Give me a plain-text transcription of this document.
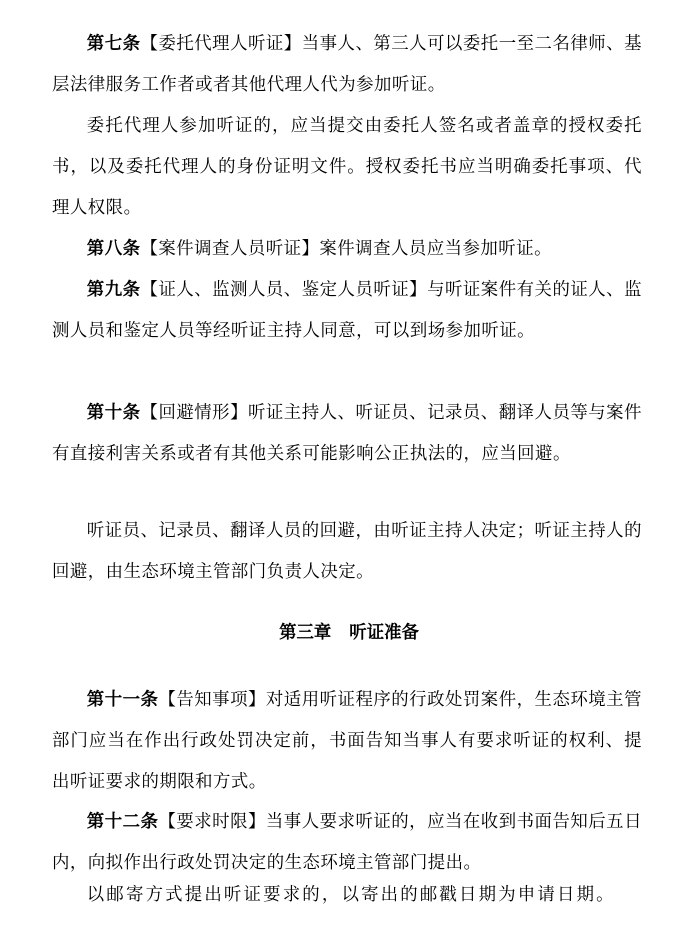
第七条【委托代理人听证】当事人、第三人可以委托一至二名律师、基层法律服务工作者或者其他代理人代为参加听证。

委托代理人参加听证的，应当提交由委托人签名或者盖章的授权委托书，以及委托代理人的身份证明文件。授权委托书应当明确委托事项、代理人权限。

第八条【案件调查人员听证】案件调查人员应当参加听证。

第九条【证人、监测人员、鉴定人员听证】与听证案件有关的证人、监测人员和鉴定人员等经听证主持人同意，可以到场参加听证。

第十条【回避情形】听证主持人、听证员、记录员、翻译人员等与案件有直接利害关系或者有其他关系可能影响公正执法的，应当回避。

听证员、记录员、翻译人员的回避，由听证主持人决定；听证主持人的回避，由生态环境主管部门负责人决定。

第三章 听证准备

第十一条【告知事项】对适用听证程序的行政处罚案件，生态环境主管部门应当在作出行政处罚决定前，书面告知当事人有要求听证的权利、提出听证要求的期限和方式。

第十二条【要求时限】当事人要求听证的，应当在收到书面告知后五日内，向拟作出行政处罚决定的生态环境主管部门提出。

以邮寄方式提出听证要求的，以寄出的邮戳日期为申请日期。
